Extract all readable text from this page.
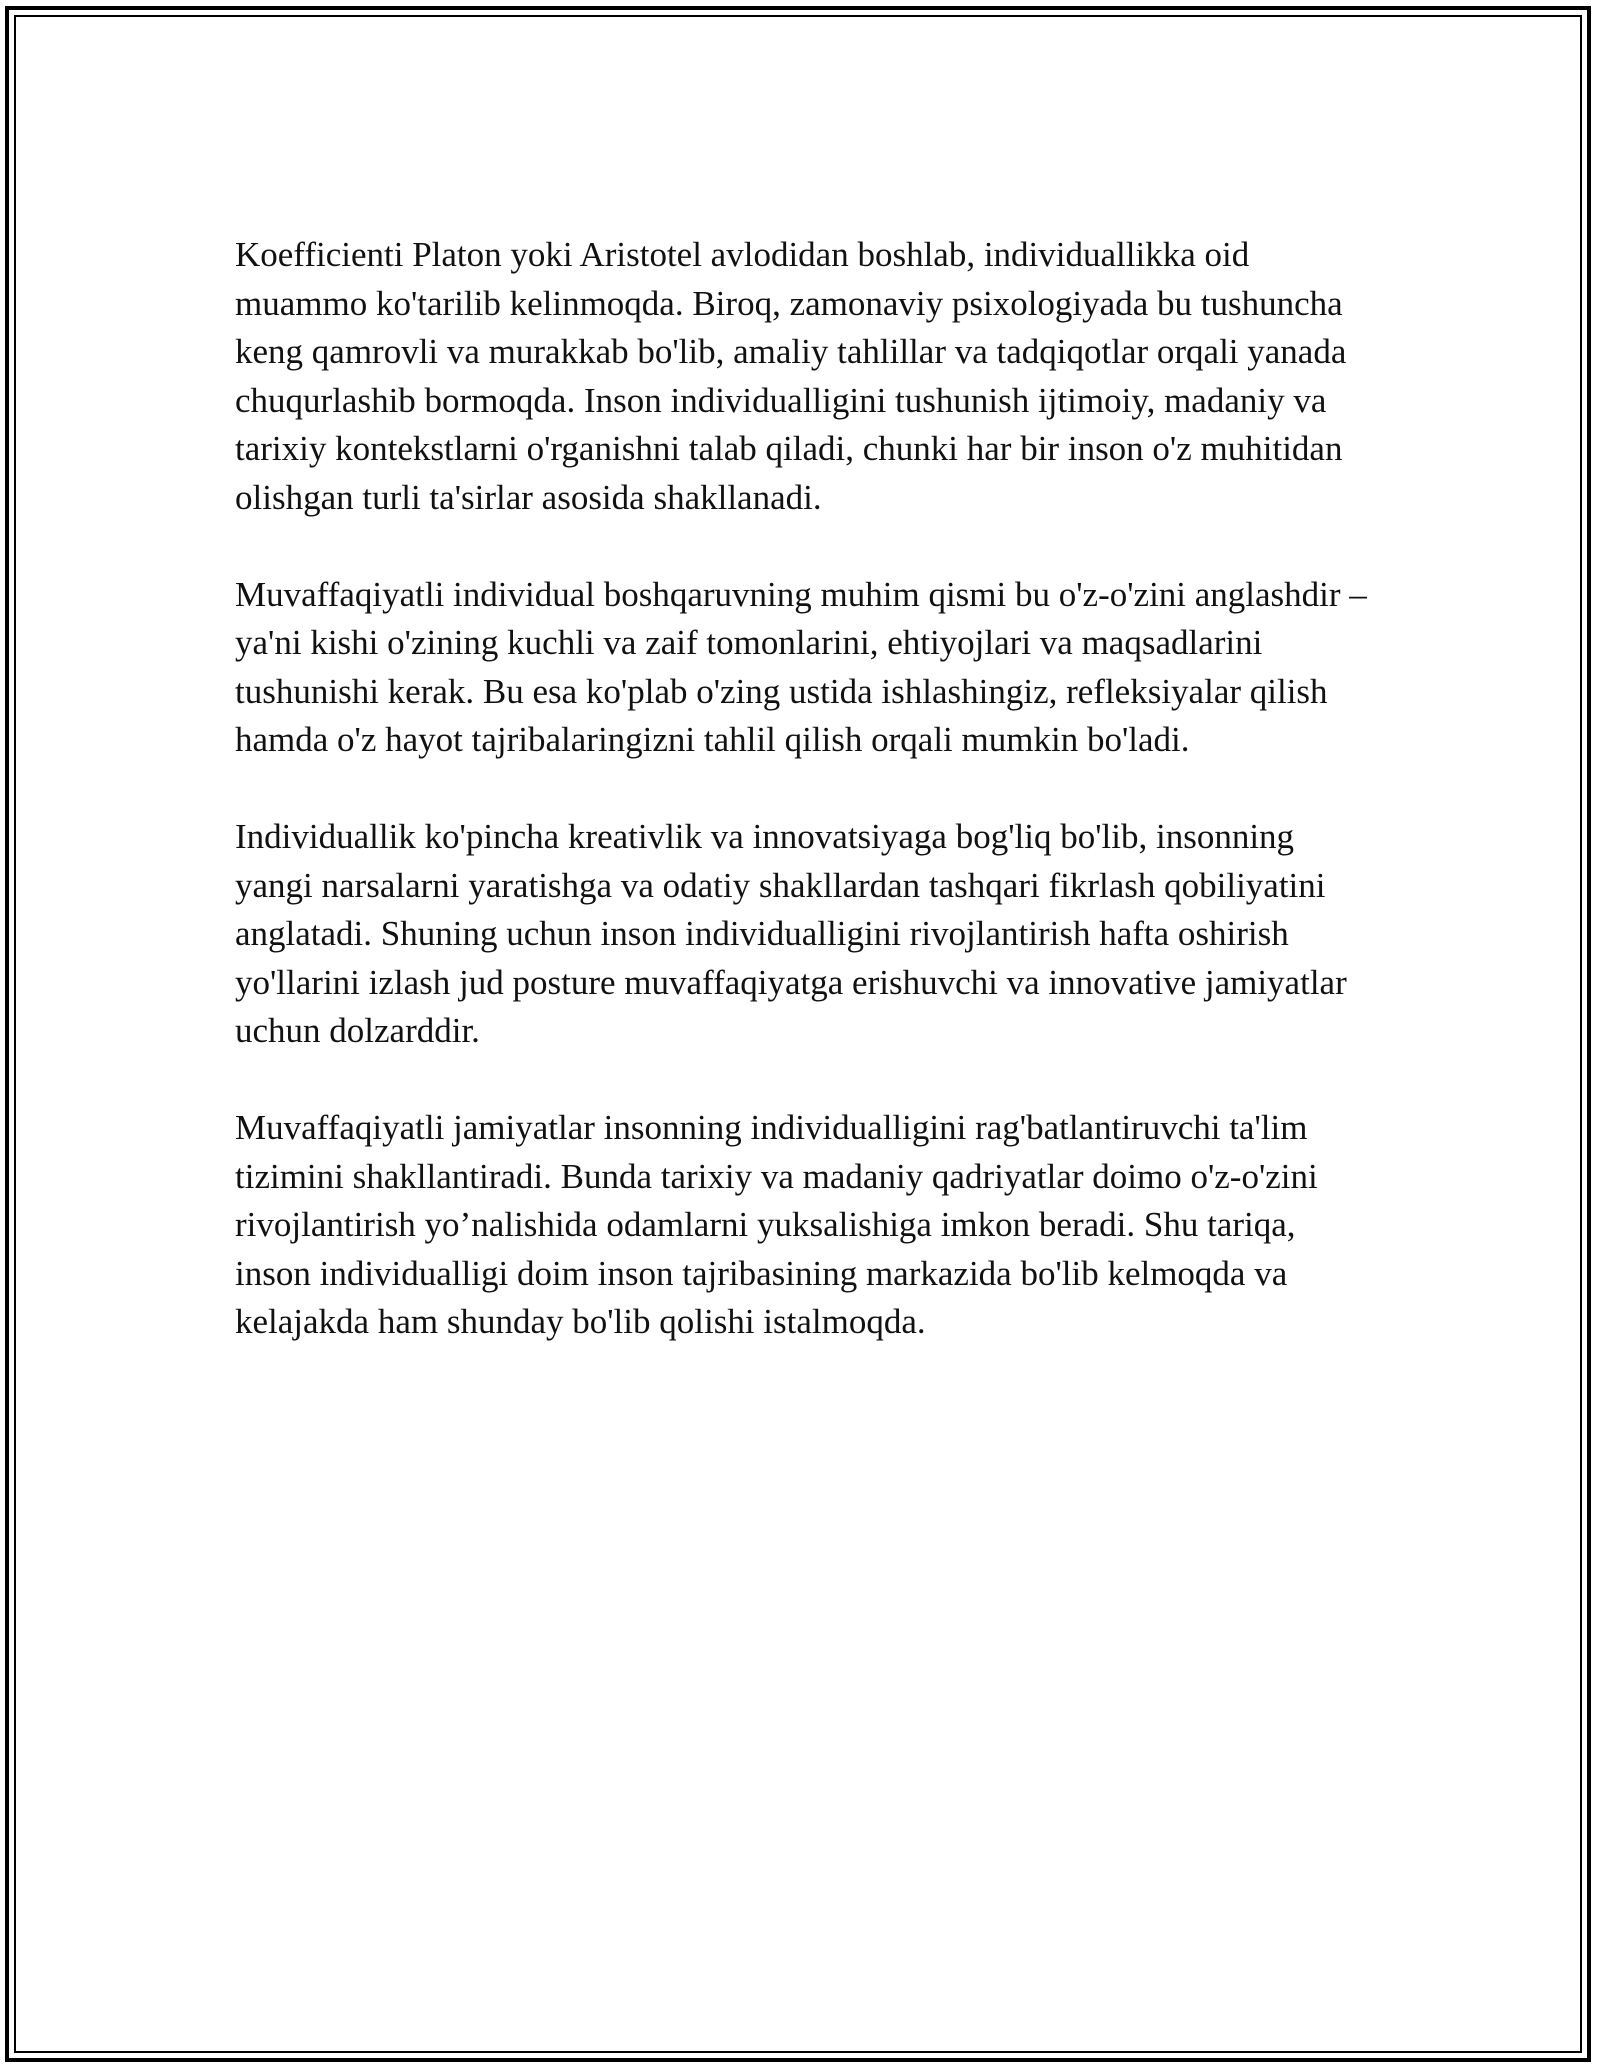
Koefficienti Platon yoki Aristotel avlodidan boshlab, individuallikka oid muammo ko'tarilib kelinmoqda. Biroq, zamonaviy psixologiyada bu tushuncha keng qamrovli va murakkab bo'lib, amaliy tahlillar va tadqiqotlar orqali yanada chuqurlashib bormoqda. Inson individualligini tushunish ijtimoiy, madaniy va tarixiy kontekstlarni o'rganishni talab qiladi, chunki har bir inson o'z muhitidan olishgan turli ta'sirlar asosida shakllanadi.

Muvaffaqiyatli individual boshqaruvning muhim qismi bu o'z-o'zini anglashdir – ya'ni kishi o'zining kuchli va zaif tomonlarini, ehtiyojlari va maqsadlarini tushunishi kerak. Bu esa ko'plab o'zing ustida ishlashingiz, refleksiyalar qilish hamda o'z hayot tajribalaringizni tahlil qilish orqali mumkin bo'ladi.

Individuallik ko'pincha kreativlik va innovatsiyaga bog'liq bo'lib, insonning yangi narsalarni yaratishga va odatiy shakllardan tashqari fikrlash qobiliyatini anglatadi. Shuning uchun inson individualligini rivojlantirish hafta oshirish yo'llarini izlash jud posture muvaffaqiyatga erishuvchi va innovative jamiyatlar uchun dolzarddir.

Muvaffaqiyatli jamiyatlar insonning individualligini rag'batlantiruvchi ta'lim tizimini shakllantiradi. Bunda tarixiy va madaniy qadriyatlar doimo o'z-o'zini rivojlantirish yo’nalishida odamlarni yuksalishiga imkon beradi. Shu tariqa, inson individualligi doim inson tajribasining markazida bo'lib kelmoqda va kelajakda ham shunday bo'lib qolishi istalmoqda.
